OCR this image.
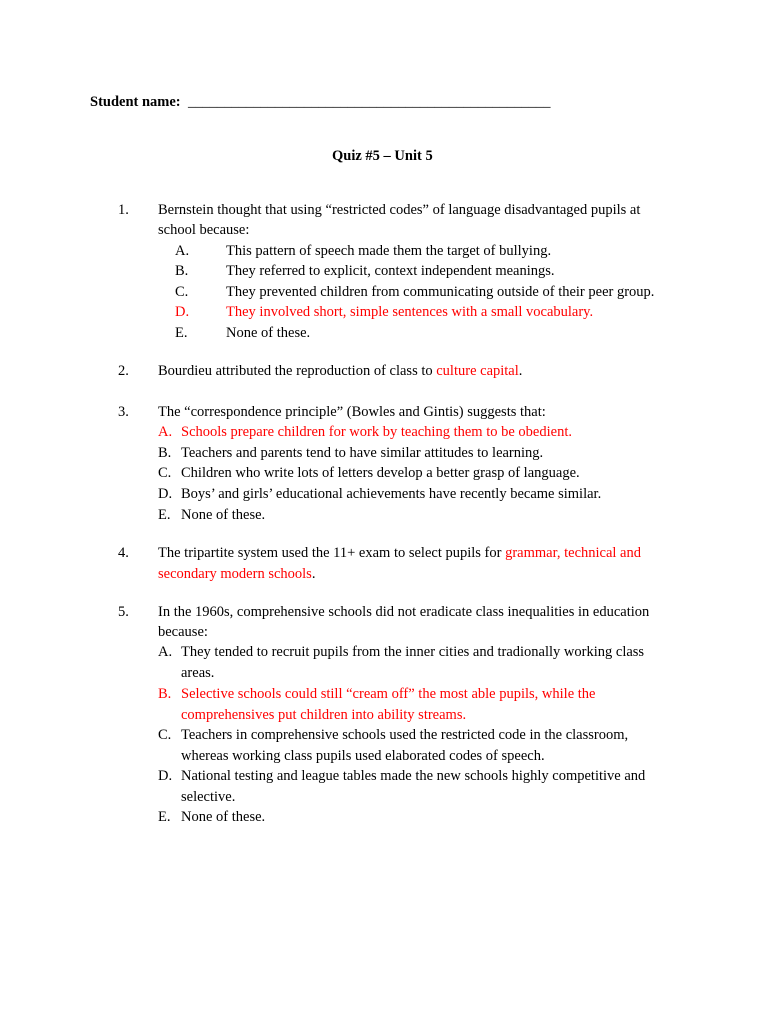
Student name: __________________________________________________
Quiz #5 – Unit 5
1. Bernstein thought that using “restricted codes” of language disadvantaged pupils at
school because:
A.	This pattern of speech made them the target of bullying.
B.	They referred to explicit, context independent meanings.
C.	They prevented children from communicating outside of their peer group.
D.	They involved short, simple sentences with a small vocabulary.
E.	None of these.
2. Bourdieu attributed the reproduction of class to culture capital.
3. The “correspondence principle” (Bowles and Gintis) suggests that:
A. Schools prepare children for work by teaching them to be obedient.
B. Teachers and parents tend to have similar attitudes to learning.
C. Children who write lots of letters develop a better grasp of language.
D. Boys’ and girls’ educational achievements have recently became similar.
E. None of these.
4. The tripartite system used the 11+ exam to select pupils for grammar, technical and
secondary modern schools.
5. In the 1960s, comprehensive schools did not eradicate class inequalities in education
because:
A. They tended to recruit pupils from the inner cities and tradionally working class
areas.
B. Selective schools could still “cream off” the most able pupils, while the
comprehensives put children into ability streams.
C. Teachers in comprehensive schools used the restricted code in the classroom,
whereas working class pupils used elaborated codes of speech.
D. National testing and league tables made the new schools highly competitive and
selective.
E. None of these.
